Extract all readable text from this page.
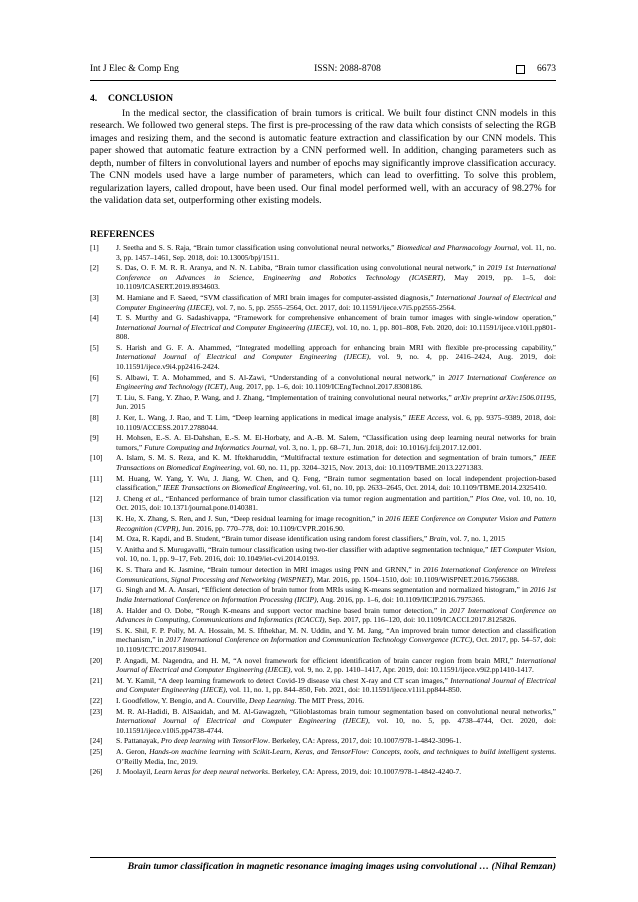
Int J Elec & Comp Eng	ISSN: 2088-8708	6673
4. CONCLUSION

In the medical sector, the classification of brain tumors is critical. We built four distinct CNN models in this research. We followed two general steps. The first is pre-processing of the raw data which consists of selecting the RGB images and resizing them, and the second is automatic feature extraction and classification by our CNN models. This paper showed that automatic feature extraction by a CNN performed well. In addition, changing parameters such as depth, number of filters in convolutional layers and number of epochs may significantly improve classification accuracy. The CNN models used have a large number of parameters, which can lead to overfitting. To solve this problem, regularization layers, called dropout, have been used. Our final model performed well, with an accuracy of 98.27% for the validation data set, outperforming other existing models.

REFERENCES
[1]	J. Seetha and S. S. Raja, “Brain tumor classification using convolutional neural networks,” Biomedical and Pharmacology Journal, vol. 11, no. 3, pp. 1457–1461, Sep. 2018, doi: 10.13005/bpj/1511.
[2]	S. Das, O. F. M. R. R. Aranya, and N. N. Labiba, “Brain tumor classification using convolutional neural network,” in 2019 1st International Conference on Advances in Science, Engineering and Robotics Technology (ICASERT), May 2019, pp. 1–5, doi: 10.1109/ICASERT.2019.8934603.
[3]	M. Hamiane and F. Saeed, “SVM classification of MRI brain images for computer-assisted diagnosis,” International Journal of Electrical and Computer Engineering (IJECE), vol. 7, no. 5, pp. 2555–2564, Oct. 2017, doi: 10.11591/ijece.v7i5.pp2555-2564.
[4]	T. S. Murthy and G. Sadashivappa, “Framework for comprehensive enhancement of brain tumor images with single-window operation,” International Journal of Electrical and Computer Engineering (IJECE), vol. 10, no. 1, pp. 801–808, Feb. 2020, doi: 10.11591/ijece.v10i1.pp801-808.
[5]	S. Harish and G. F. A. Ahammed, “Integrated modelling approach for enhancing brain MRI with flexible pre-processing capability,” International Journal of Electrical and Computer Engineering (IJECE), vol. 9, no. 4, pp. 2416–2424, Aug. 2019, doi: 10.11591/ijece.v9i4.pp2416-2424.
[6]	S. Albawi, T. A. Mohammed, and S. Al-Zawi, “Understanding of a convolutional neural network,” in 2017 International Conference on Engineering and Technology (ICET), Aug. 2017, pp. 1–6, doi: 10.1109/ICEngTechnol.2017.8308186.
[7]	T. Liu, S. Fang, Y. Zhao, P. Wang, and J. Zhang, “Implementation of training convolutional neural networks,” arXiv preprint arXiv:1506.01195, Jun. 2015
[8]	J. Ker, L. Wang, J. Rao, and T. Lim, “Deep learning applications in medical image analysis,” IEEE Access, vol. 6, pp. 9375–9389, 2018, doi: 10.1109/ACCESS.2017.2788044.
[9]	H. Mohsen, E.-S. A. El-Dahshan, E.-S. M. El-Horbaty, and A.-B. M. Salem, “Classification using deep learning neural networks for brain tumors,” Future Computing and Informatics Journal, vol. 3, no. 1, pp. 68–71, Jun. 2018, doi: 10.1016/j.fcij.2017.12.001.
[10]	A. Islam, S. M. S. Reza, and K. M. Iftekharuddin, “Multifractal texture estimation for detection and segmentation of brain tumors,” IEEE Transactions on Biomedical Engineering, vol. 60, no. 11, pp. 3204–3215, Nov. 2013, doi: 10.1109/TBME.2013.2271383.
[11]	M. Huang, W. Yang, Y. Wu, J. Jiang, W. Chen, and Q. Feng, “Brain tumor segmentation based on local independent projection-based classification,” IEEE Transactions on Biomedical Engineering, vol. 61, no. 10, pp. 2633–2645, Oct. 2014, doi: 10.1109/TBME.2014.2325410.
[12]	J. Cheng et al., “Enhanced performance of brain tumor classification via tumor region augmentation and partition,” Plos One, vol. 10, no. 10, Oct. 2015, doi: 10.1371/journal.pone.0140381.
[13]	K. He, X. Zhang, S. Ren, and J. Sun, “Deep residual learning for image recognition,” in 2016 IEEE Conference on Computer Vision and Pattern Recognition (CVPR), Jun. 2016, pp. 770–778, doi: 10.1109/CVPR.2016.90.
[14]	M. Oza, R. Kapdi, and B. Student, “Brain tumor disease identification using random forest classifiers,” Brain, vol. 7, no. 1, 2015
[15]	V. Anitha and S. Murugavalli, “Brain tumour classification using two-tier classifier with adaptive segmentation technique,” IET Computer Vision, vol. 10, no. 1, pp. 9–17, Feb. 2016, doi: 10.1049/iet-cvi.2014.0193.
[16]	K. S. Thara and K. Jasmine, “Brain tumour detection in MRI images using PNN and GRNN,” in 2016 International Conference on Wireless Communications, Signal Processing and Networking (WiSPNET), Mar. 2016, pp. 1504–1510, doi: 10.1109/WiSPNET.2016.7566388.
[17]	G. Singh and M. A. Ansari, “Efficient detection of brain tumor from MRIs using K-means segmentation and normalized histogram,” in 2016 1st India International Conference on Information Processing (IICIP), Aug. 2016, pp. 1–6, doi: 10.1109/IICIP.2016.7975365.
[18]	A. Halder and O. Dobe, “Rough K-means and support vector machine based brain tumor detection,” in 2017 International Conference on Advances in Computing, Communications and Informatics (ICACCI), Sep. 2017, pp. 116–120, doi: 10.1109/ICACCI.2017.8125826.
[19]	S. K. Shil, F. P. Polly, M. A. Hossain, M. S. Ifthekhar, M. N. Uddin, and Y. M. Jang, “An improved brain tumor detection and classification mechanism,” in 2017 International Conference on Information and Communication Technology Convergence (ICTC), Oct. 2017, pp. 54–57, doi: 10.1109/ICTC.2017.8190941.
[20]	P. Angadi, M. Nagendra, and H. M, “A novel framework for efficient identification of brain cancer region from brain MRI,” International Journal of Electrical and Computer Engineering (IJECE), vol. 9, no. 2, pp. 1410–1417, Apr. 2019, doi: 10.11591/ijece.v9i2.pp1410-1417.
[21]	M. Y. Kamil, “A deep learning framework to detect Covid-19 disease via chest X-ray and CT scan images,” International Journal of Electrical and Computer Engineering (IJECE), vol. 11, no. 1, pp. 844–850, Feb. 2021, doi: 10.11591/ijece.v11i1.pp844-850.
[22]	I. Goodfellow, Y. Bengio, and A. Courville, Deep Learning. The MIT Press, 2016.
[23]	M. R. Al-Hadidi, B. AlSaaidah, and M. Al-Gawagzeh, “Glioblastomas brain tumour segmentation based on convolutional neural networks,” International Journal of Electrical and Computer Engineering (IJECE), vol. 10, no. 5, pp. 4738–4744, Oct. 2020, doi: 10.11591/ijece.v10i5.pp4738-4744.
[24]	S. Pattanayak, Pro deep learning with TensorFlow. Berkeley, CA: Apress, 2017, doi: 10.1007/978-1-4842-3096-1.
[25]	A. Geron, Hands-on machine learning with Scikit-Learn, Keras, and TensorFlow: Concepts, tools, and techniques to build intelligent systems. O’Reilly Media, Inc, 2019.
[26]	J. Moolayil, Learn keras for deep neural networks. Berkeley, CA: Apress, 2019, doi: 10.1007/978-1-4842-4240-7.
Brain tumor classification in magnetic resonance imaging images using convolutional … (Nihal Remzan)
